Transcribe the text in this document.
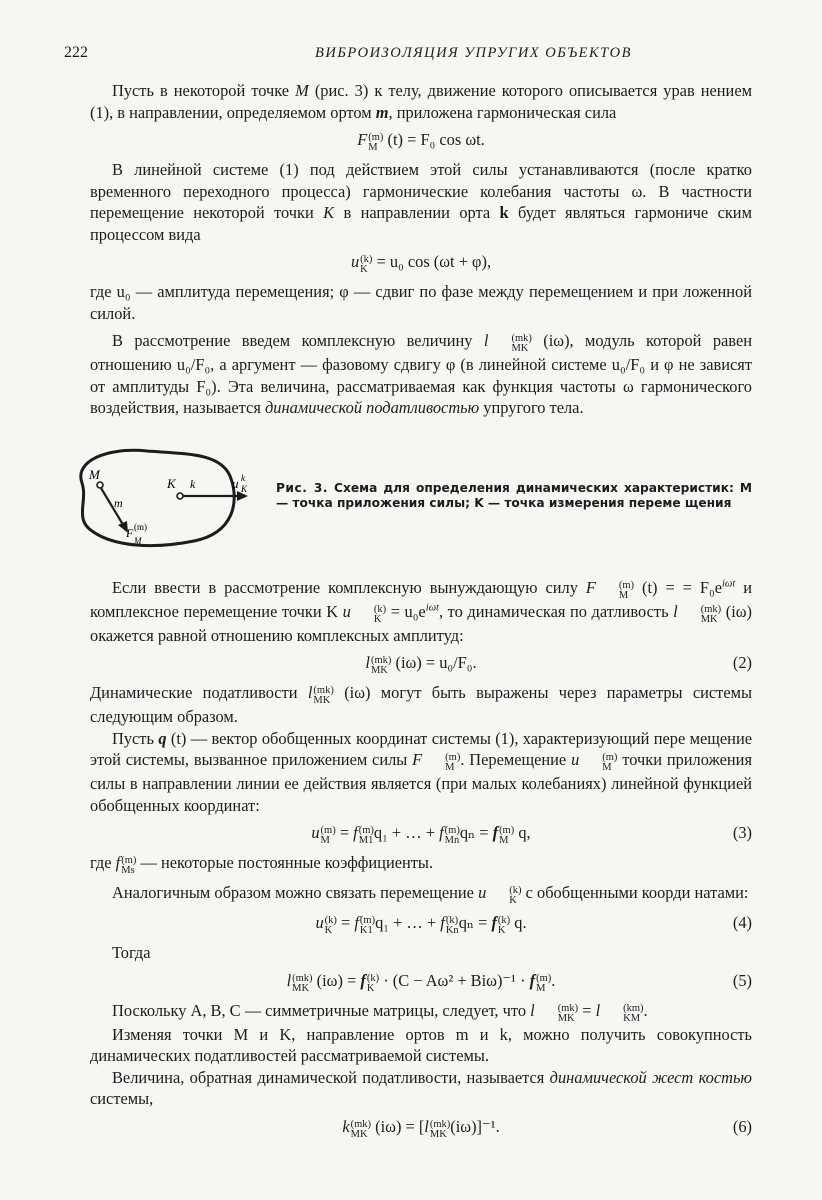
222	ВИБРОИЗОЛЯЦИЯ УПРУГИХ ОБЪЕКТОВ

Пусть в некоторой точке M (рис. 3) к телу, движение которого описывается урав нением (1), в направлении, определяемом ортом m, приложена гармоническая сила

F (m)
M (t) = F₀ cos ωt.

В линейной системе (1) под действием этой силы устанавливаются (после кратко временного переходного процесса) гармонические колебания частоты ω. В частности перемещение некоторой точки K в направлении орта k будет являться гармониче ским процессом вида

u (k)
K = u₀ cos (ωt + φ),

где u₀ — амплитуда перемещения; φ — сдвиг по фазе между перемещением и при ложенной силой.

В рассмотрение введем комплексную величину l	(mk)
MK (iω), модуль которой равен отношению u₀/F₀, а аргумент — фазовому сдвигу φ (в линейной системе u₀/F₀ и φ не зависят от амплитуды F₀). Эта величина, рассматриваемая как функция частоты ω гармонического воздействия, называется динамической податливостью упругого тела.

M
m
K k
F (m)
M
u k
K Рис. 3. Схема для определения динамических характеристик: M — точка приложения силы; K — точка измерения переме щения

Если ввести в рассмотрение комплексную вынуждающую силу F	(m)
M (t) = = $F_0e^{i\omega t}$ и комплексное перемещение точки K u	(k)
$K = u_0e^{i\omega t}$, то динамическая по датливость l	(mk)
MK (iω) окажется равной отношению комплексных амплитуд:

l (mk)
MK (iω) = u₀/F₀.	(2)

Динамические податливости l (mk)
MK (iω) могут быть выражены через параметры системы следующим образом.

Пусть q (t) — вектор обобщенных координат системы (1), характеризующий пере мещение этой системы, вызванное приложением силы F	(m)
M . Перемещение u	(m)
M точки приложения силы в направлении линии ее действия является (при малых колебаниях) линейной функцией обобщенных координат:

u (m)
M = f (m)
M1 q₁ + … + f (m)
Mn qₙ = f (m)
M q,	(3)

где f (m)
Ms — некоторые постоянные коэффициенты.

Аналогичным образом можно связать перемещение u	(k)
K с обобщенными коорди натами:

u (k)
K = f (m)
K1 q₁ + … + f (k)
Kn qₙ = f (k)
K q.	(4)

Тогда

l (mk)
MK (iω) = f (k)
K · (C − Aω² + Biω)⁻¹ · f (m)
M .	(5)

Поскольку A, B, C — симметричные матрицы, следует, что l	(mk)
MK = l	(km)
KM .

Изменяя точки M и K, направление ортов m и k, можно получить совокупность динамических податливостей рассматриваемой системы.

Величина, обратная динамической податливости, называется динамической жест костью системы,

k (mk)
MK (iω) = [l (mk)
MK (iω)]⁻¹.	(6)
